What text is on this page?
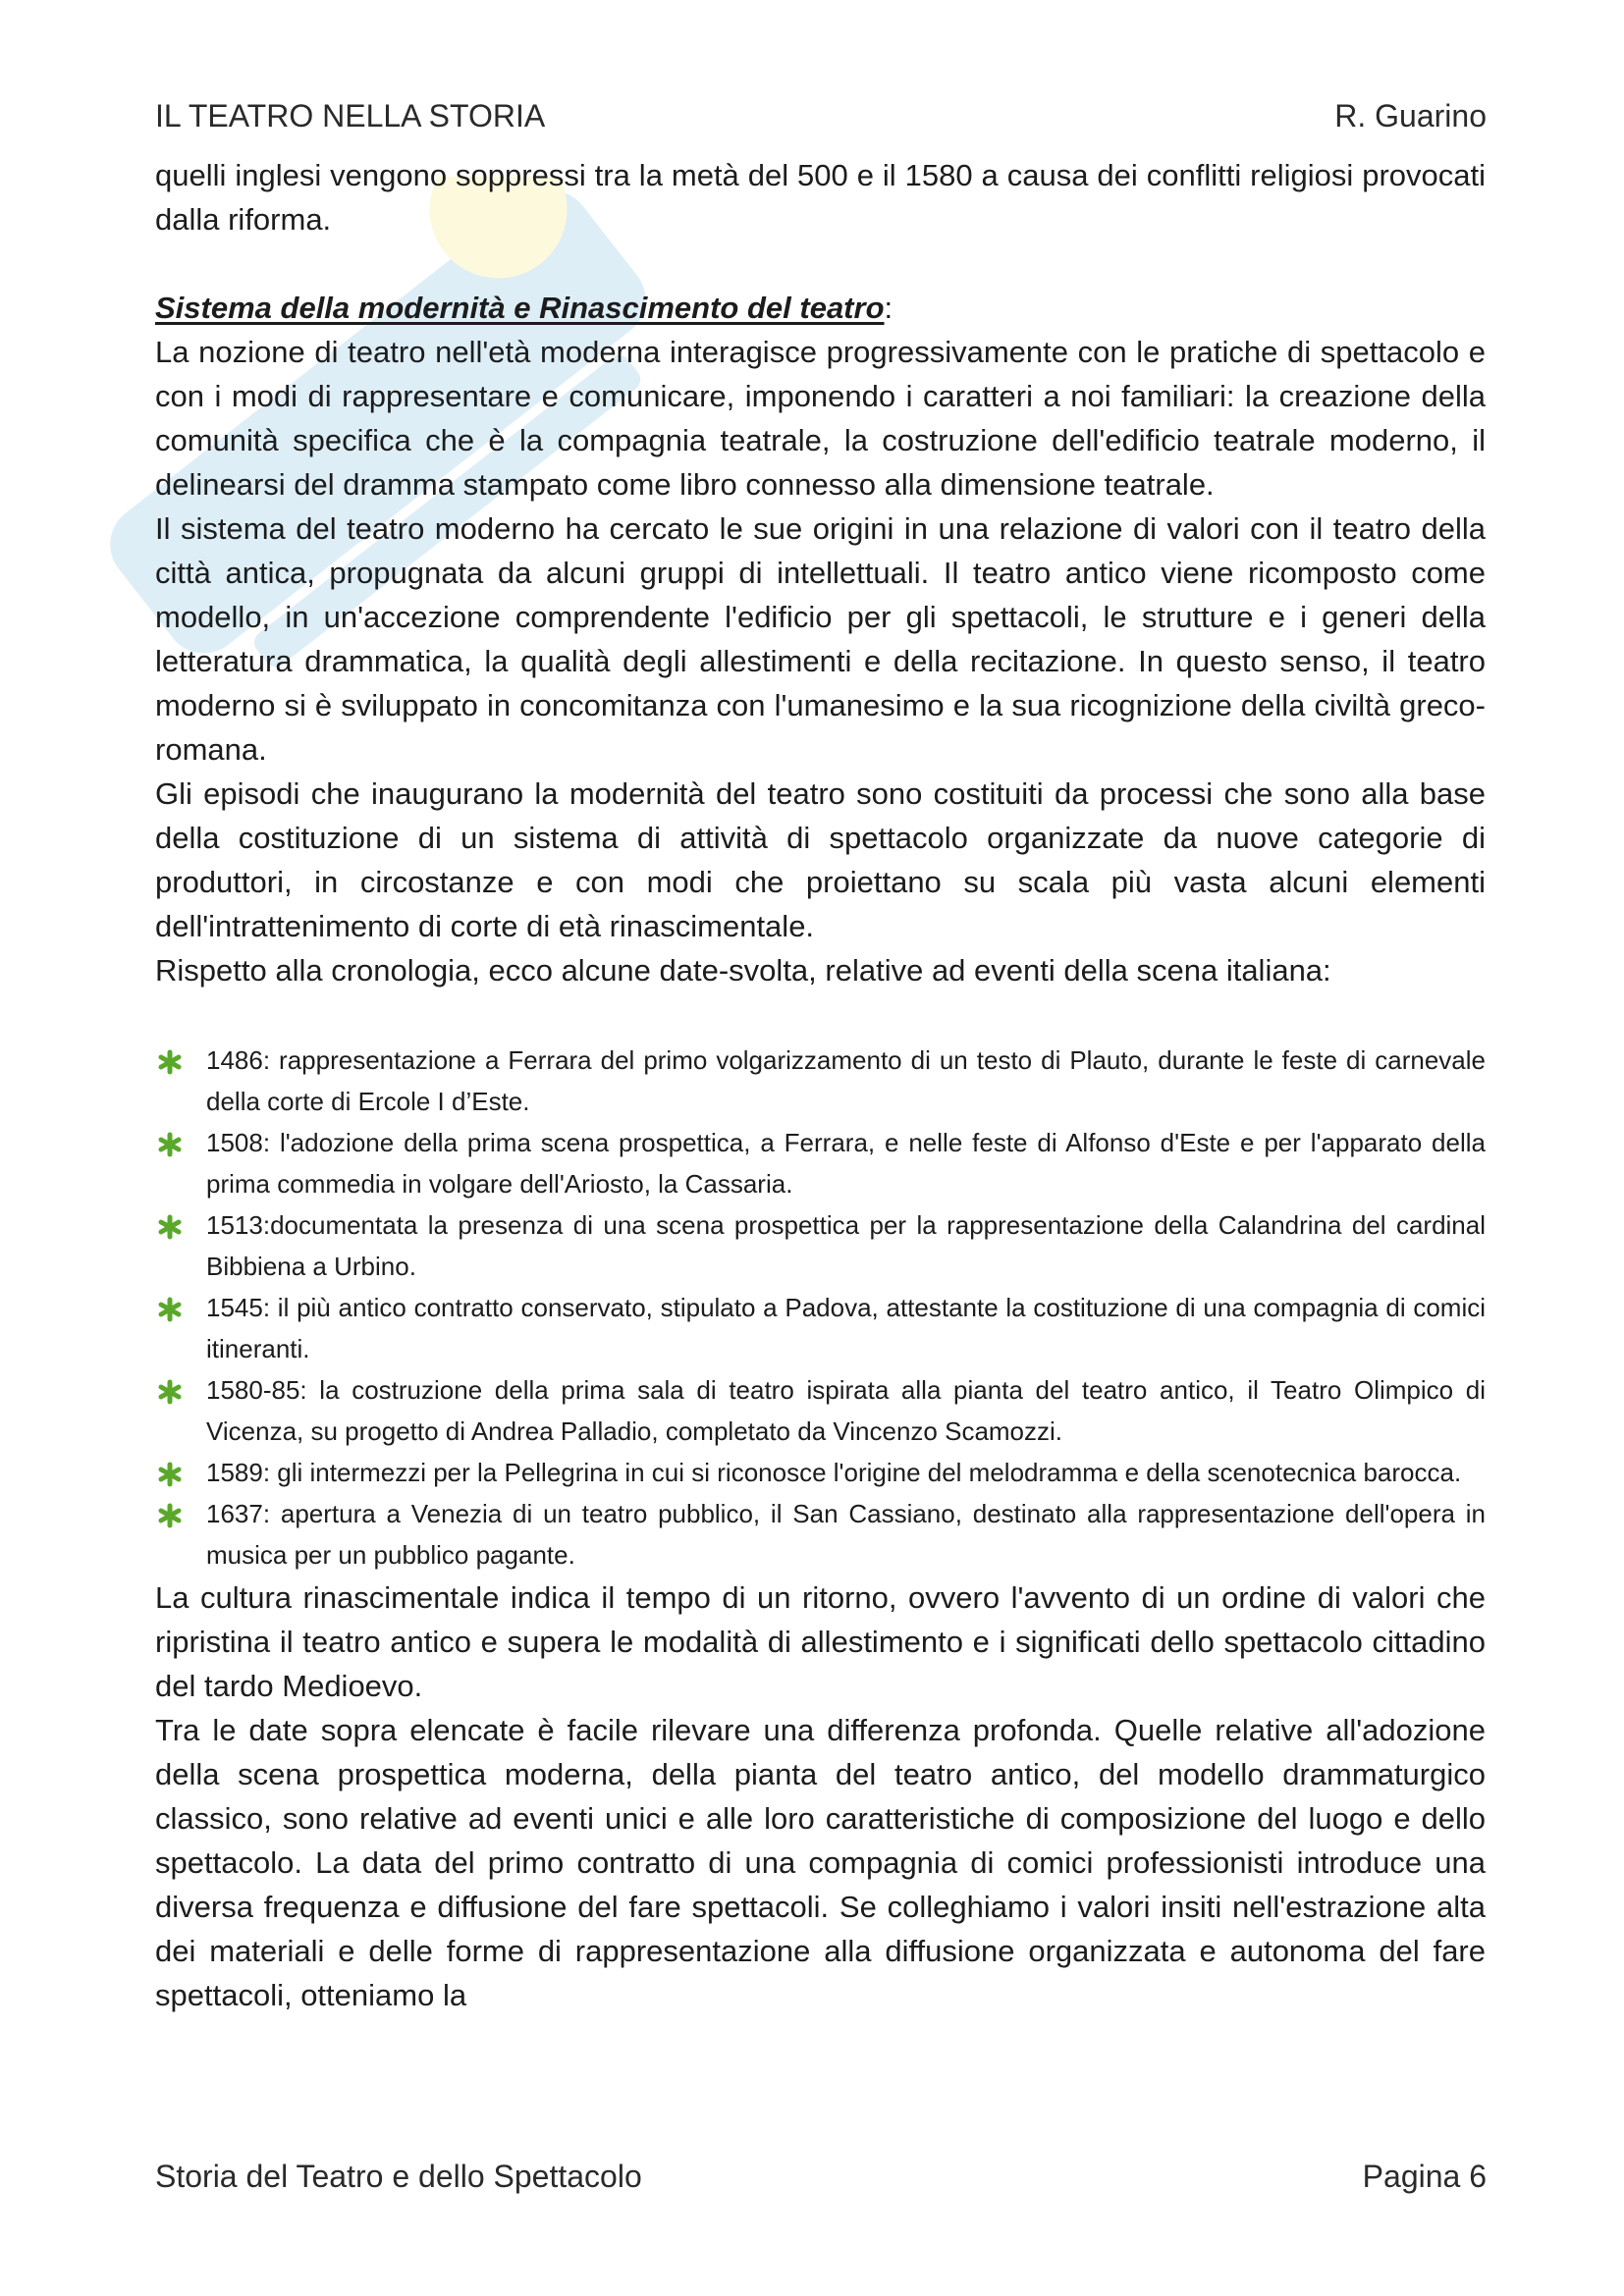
IL TEATRO NELLA STORIA	R. Guarino

quelli inglesi vengono soppressi tra la metà del 500 e il 1580 a causa dei conflitti religiosi provocati dalla riforma.

Sistema della modernità e Rinascimento del teatro:

La nozione di teatro nell'età moderna interagisce progressivamente con le pratiche di spettacolo e con i modi di rappresentare e comunicare, imponendo i caratteri a noi familiari: la creazione della comunità specifica che è la compagnia teatrale, la costruzione dell'edificio teatrale moderno, il delinearsi del dramma stampato come libro connesso alla dimensione teatrale.

Il sistema del teatro moderno ha cercato le sue origini in una relazione di valori con il teatro della città antica, propugnata da alcuni gruppi di intellettuali. Il teatro antico viene ricomposto come modello, in un'accezione comprendente l'edificio per gli spettacoli, le strutture e i generi della letteratura drammatica, la qualità degli allestimenti e della recitazione. In questo senso, il teatro moderno si è sviluppato in concomitanza con l'umanesimo e la sua ricognizione della civiltà greco-romana.

Gli episodi che inaugurano la modernità del teatro sono costituiti da processi che sono alla base della costituzione di un sistema di attività di spettacolo organizzate da nuove categorie di produttori, in circostanze e con modi che proiettano su scala più vasta alcuni elementi dell'intrattenimento di corte di età rinascimentale.

Rispetto alla cronologia, ecco alcune date-svolta, relative ad eventi della scena italiana:

1486: rappresentazione a Ferrara del primo volgarizzamento di un testo di Plauto, durante le feste di carnevale della corte di Ercole I d’Este.
1508: l'adozione della prima scena prospettica, a Ferrara, e nelle feste di Alfonso d'Este e per l'apparato della prima commedia in volgare dell'Ariosto, la Cassaria.
1513:documentata la presenza di una scena prospettica per la rappresentazione della Calandrina del cardinal Bibbiena a Urbino.
1545: il più antico contratto conservato, stipulato a Padova, attestante la costituzione di una compagnia di comici itineranti.
1580-85: la costruzione della prima sala di teatro ispirata alla pianta del teatro antico, il Teatro Olimpico di Vicenza, su progetto di Andrea Palladio, completato da Vincenzo Scamozzi.
1589: gli intermezzi per la Pellegrina in cui si riconosce l'origine del melodramma e della scenotecnica barocca.
1637: apertura a Venezia di un teatro pubblico, il San Cassiano, destinato alla rappresentazione dell'opera in musica per un pubblico pagante.

La cultura rinascimentale indica il tempo di un ritorno, ovvero l'avvento di un ordine di valori che ripristina il teatro antico e supera le modalità di allestimento e i significati dello spettacolo cittadino del tardo Medioevo.

Tra le date sopra elencate è facile rilevare una differenza profonda. Quelle relative all'adozione della scena prospettica moderna, della pianta del teatro antico, del modello drammaturgico classico, sono relative ad eventi unici e alle loro caratteristiche di composizione del luogo e dello spettacolo. La data del primo contratto di una compagnia di comici professionisti introduce una diversa frequenza e diffusione del fare spettacoli. Se colleghiamo i valori insiti nell'estrazione alta dei materiali e delle forme di rappresentazione alla diffusione organizzata e autonoma del fare spettacoli, otteniamo la

Storia del Teatro e dello Spettacolo	Pagina 6
